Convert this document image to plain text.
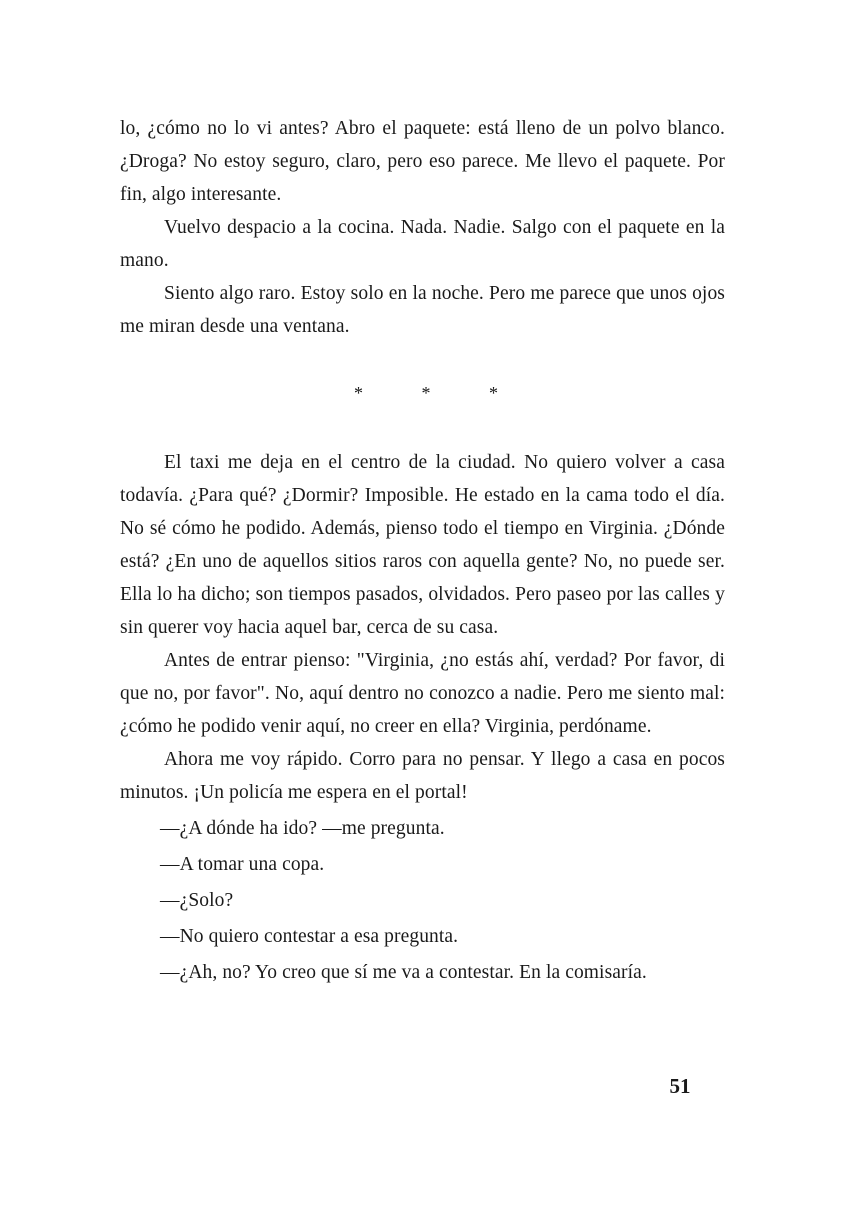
lo, ¿cómo no lo vi antes? Abro el paquete: está lleno de un polvo blanco. ¿Droga? No estoy seguro, claro, pero eso parece. Me llevo el paquete. Por fin, algo interesante.

Vuelvo despacio a la cocina. Nada. Nadie. Salgo con el paquete en la mano.

Siento algo raro. Estoy solo en la noche. Pero me parece que unos ojos me miran desde una ventana.

*	*	*

El taxi me deja en el centro de la ciudad. No quiero volver a casa todavía. ¿Para qué? ¿Dormir? Imposible. He estado en la cama todo el día. No sé cómo he podido. Además, pienso todo el tiempo en Virginia. ¿Dónde está? ¿En uno de aquellos sitios raros con aquella gente? No, no puede ser. Ella lo ha dicho; son tiempos pasados, olvidados. Pero paseo por las calles y sin querer voy hacia aquel bar, cerca de su casa.

Antes de entrar pienso: "Virginia, ¿no estás ahí, verdad? Por favor, di que no, por favor". No, aquí dentro no conozco a nadie. Pero me siento mal: ¿cómo he podido venir aquí, no creer en ella? Virginia, perdóname.

Ahora me voy rápido. Corro para no pensar. Y llego a casa en pocos minutos. ¡Un policía me espera en el portal!

—¿A dónde ha ido? —me pregunta.

—A tomar una copa.

—¿Solo?

—No quiero contestar a esa pregunta.

—¿Ah, no? Yo creo que sí me va a contestar. En la comisaría.

51
